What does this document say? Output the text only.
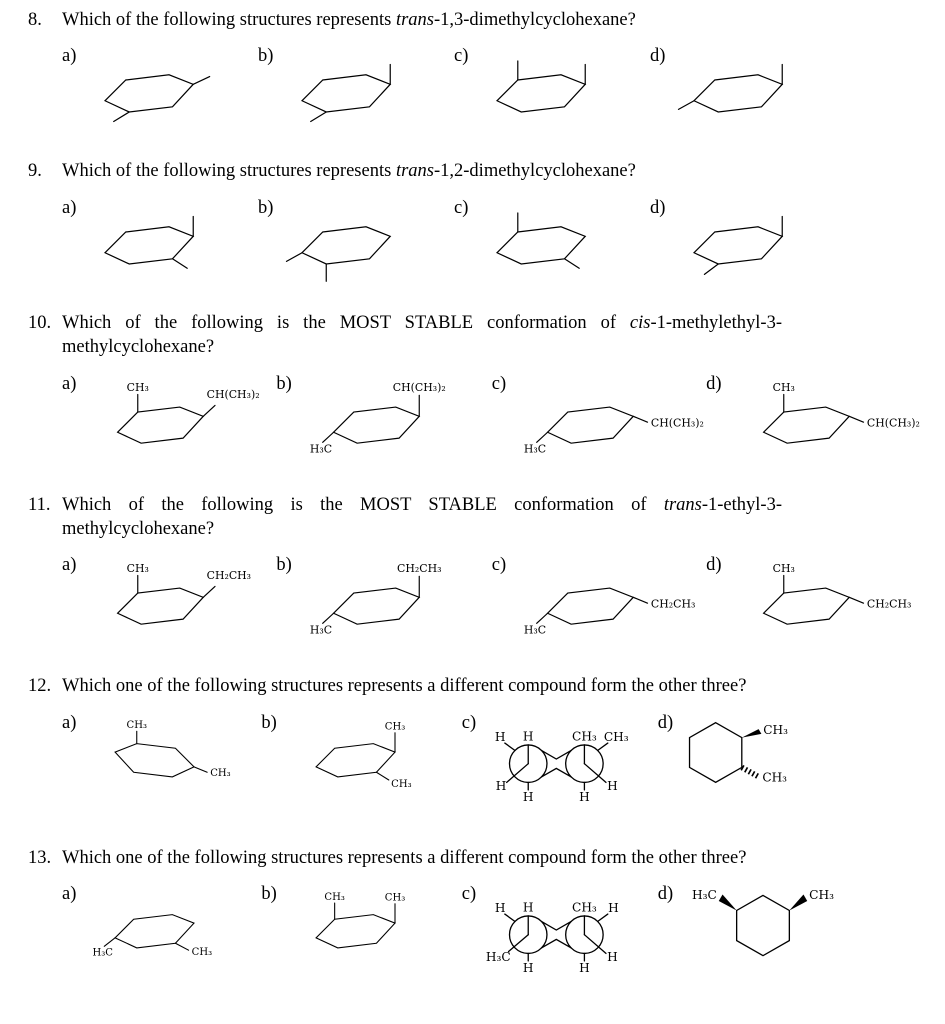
8.	Which of the following structures represents trans-1,3-dimethylcyclohexane?

a)	b)	c)	d)
9.	Which of the following structures represents trans-1,2-dimethylcyclohexane?

a)	b)	c)	d)
10. Which of the following is the MOST STABLE conformation of cis-1-methylethyl-3-methylcyclohexane?

a)	CH₃
CH(CH₃)₂
b)	CH(CH₃)₂
H₃C
c)
CH(CH₃)₂
H₃C
d)	CH₃
CH(CH₃)₂
11. Which of the following is the MOST STABLE conformation of trans-1-ethyl-3-methylcyclohexane?

a)	CH₃
CH₂CH₃
b)	CH₂CH₃
H₃C
c)
CH₂CH₃
H₃C
d)	CH₃
CH₂CH₃
12. Which one of the following structures represents a different compound form the other three?

a)	CH₃
CH₃
b)	CH₃
CH₃
c)
H
H
H
H
CH₃ CH₃
H
H
d)	CH₃
CH₃
13. Which one of the following structures represents a different compound form the other three?

a)
H₃C	CH₃
b)	CH₃	CH₃	c)
H
H
H₃C
H
CH₃ H
H
H
d) H₃C	CH₃
